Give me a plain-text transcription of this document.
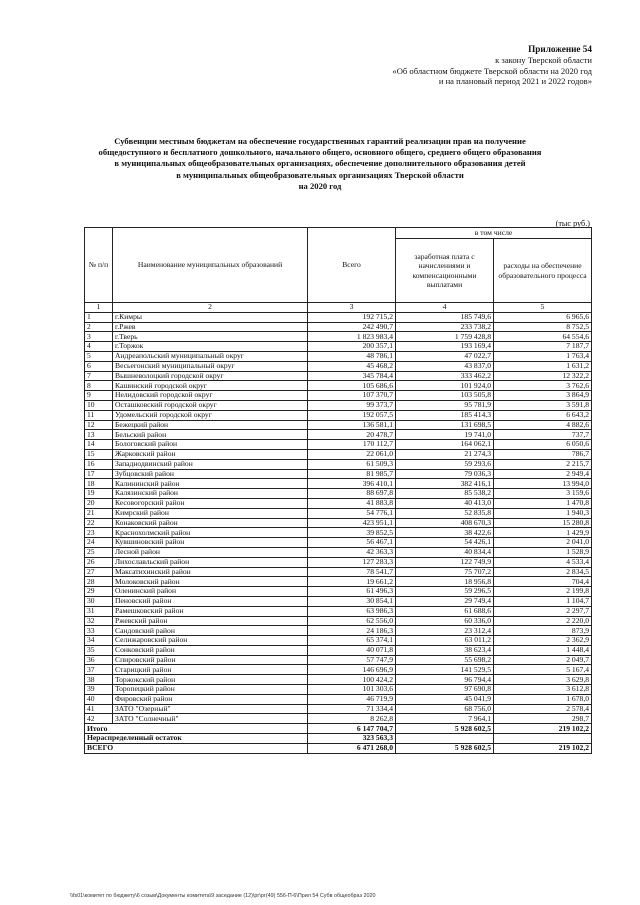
Приложение 54
к закону Тверской области
«Об областном бюджете Тверской области на 2020 год
и на плановый период 2021 и 2022 годов»
Субвенции местным бюджетам на обеспечение государственных гарантий реализации прав на получение
общедоступного и бесплатного дошкольного, начального общего, основного общего, среднего общего образования
в муниципальных общеобразовательных организациях, обеспечение дополнительного образования детей
в муниципальных общеобразовательных организациях Тверской области
на 2020 год
(тыс руб.)
№ п/п	Наименование муниципальных образований	Всего	в том числе	
			заработная плата с начислениями и компенсационными выплатами	расходы на обеспечение образовательного процесса
1	2	3	4	5
1	г.Кимры	192 715,2	185 749,6	6 965,6
2	г.Ржев	242 490,7	233 738,2	8 752,5
3	г.Тверь	1 823 983,4	1 759 428,8	64 554,6
4	г.Торжок	200 357,1	193 169,4	7 187,7
5	Андреапольский муниципальный округ	48 786,1	47 022,7	1 763,4
6	Весьегонский муниципальный округ	45 468,2	43 837,0	1 631,2
7	Вышневолоцкий городской округ	345 784,4	333 462,2	12 322,2
8	Кашинский городской округ	105 686,6	101 924,0	3 762,6
9	Нелидовский городской округ	107 370,7	103 505,8	3 864,9
10	Осташковский городской округ	99 373,7	95 781,9	3 591,8
11	Удомельский городской округ	192 057,5	185 414,3	6 643,2
12	Бежецкий район	136 581,1	131 698,5	4 882,6
13	Бельский район	20 478,7	19 741,0	737,7
14	Бологовский район	170 112,7	164 062,1	6 050,6
15	Жарковский район	22 061,0	21 274,3	786,7
16	Западнодвинский район	61 509,3	59 293,6	2 215,7
17	Зубцовский район	81 985,7	79 036,3	2 949,4
18	Калининский район	396 410,1	382 416,1	13 994,0
19	Калязинский район	88 697,8	85 538,2	3 159,6
20	Кесовогорский район	41 883,8	40 413,0	1 470,8
21	Кимрский район	54 776,1	52 835,8	1 940,3
22	Конаковский район	423 951,1	408 670,3	15 280,8
23	Краснохолмский район	39 852,5	38 422,6	1 429,9
24	Кувшиновский район	56 467,1	54 426,1	2 041,0
25	Лесной район	42 363,3	40 834,4	1 528,9
26	Лихославльский район	127 283,3	122 749,9	4 533,4
27	Максатихинский район	78 541,7	75 707,2	2 834,5
28	Молоковский район	19 661,2	18 956,8	704,4
29	Оленинский район	61 496,3	59 296,5	2 199,8
30	Пеновский район	30 854,1	29 749,4	1 104,7
31	Рамешковский район	63 986,3	61 688,6	2 297,7
32	Ржевский район	62 556,0	60 336,0	2 220,0
33	Сандовский район	24 186,3	23 312,4	873,9
34	Селижаровский район	65 374,1	63 011,2	2 362,9
35	Сонковский район	40 071,8	38 623,4	1 448,4
36	Спировский район	57 747,9	55 698,2	2 049,7
37	Старицкий район	146 696,9	141 529,5	5 167,4
38	Торжокский район	100 424,2	96 794,4	3 629,8
39	Торопецкий район	101 303,6	97 690,8	3 612,8
40	Фировский район	46 719,9	45 041,9	1 678,0
41	ЗАТО "Озерный"	71 334,4	68 756,0	2 578,4
42	ЗАТО "Солнечный"	8 262,8	7 964,1	298,7
Итого		6 147 704,7	5 928 602,5	219 102,2
Нераспределенный остаток		323 563,3		
ВСЕГО		6 471 268,0	5 928 602,5	219 102,2
\\fs01\комитет по бюджету\6 созыв\Документы комитета\9 заседание (12)\рг\рг(49) 556-П-6\Прил 54 Субв общеобраз 2020
